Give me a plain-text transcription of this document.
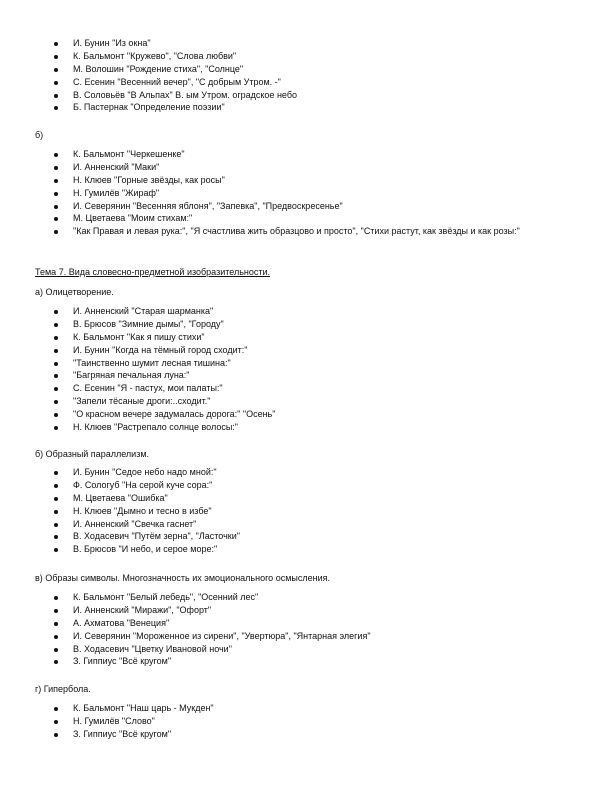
И. Бунин "Из окна"
К. Бальмонт "Кружево", "Слова любви"
М. Волошин "Рождение стиха", "Солнце"
С. Есенин "Весенний вечер", "С добрым Утром. -"
В. Соловьёв "В Альпах" В. ым Утром. оградское небо
Б. Пастернак "Определение поэзии"

б)

К. Бальмонт "Черкешенке"
И. Анненский "Маки"
Н. Клюев "Горные звёзды, как росы"
Н. Гумилёв "Жираф"
И. Северянин "Весенняя яблоня", "Запевка", "Предвоскресенье"
М. Цветаева "Моим стихам:"
"Как Правая и левая рука:", "Я счастлива жить образцово и просто", "Стихи растут, как звёзды и как розы:"

Тема 7. Вида словесно-предметной изобразительности.

а) Олицетворение.

И. Анненский "Старая шарманка"
В. Брюсов "Зимние дымы", "Городу"
К. Бальмонт "Как я пишу стихи"
И. Бунин "Когда на тёмный город сходит:"
"Таинственно шумит лесная тишина:"
"Багряная печальная луна:"
С. Есенин "Я - пастух, мои палаты:"
"Запели тёсаные дроги:..сходит."
"О красном вечере задумалась дорога:" "Осень"
Н. Клюев "Растрепало солнце волосы:"

б) Образный параллелизм.

И. Бунин "Седое небо надо мной:"
Ф. Сологуб "На серой куче сора:"
М. Цветаева "Ошибка"
Н. Клюев "Дымно и тесно в избе"
И. Анненский "Свечка гаснет"
В. Ходасевич "Путём зерна", "Ласточки"
В. Брюсов "И небо, и серое море:"

в) Образы символы. Многозначность их эмоционального осмысления.

К. Бальмонт "Белый лебедь", "Осенний лес"
И. Анненский "Миражи", "Офорт"
А. Ахматова "Венеция"
И. Северянин "Мороженное из сирени", "Увертюра", "Янтарная элегия"
В. Ходасевич "Цветку Ивановой ночи"
З. Гиппиус "Всё кругом"

г) Гипербола.

К. Бальмонт "Наш царь - Мукден"
Н. Гумилёв "Слово"
З. Гиппиус "Всё кругом"
